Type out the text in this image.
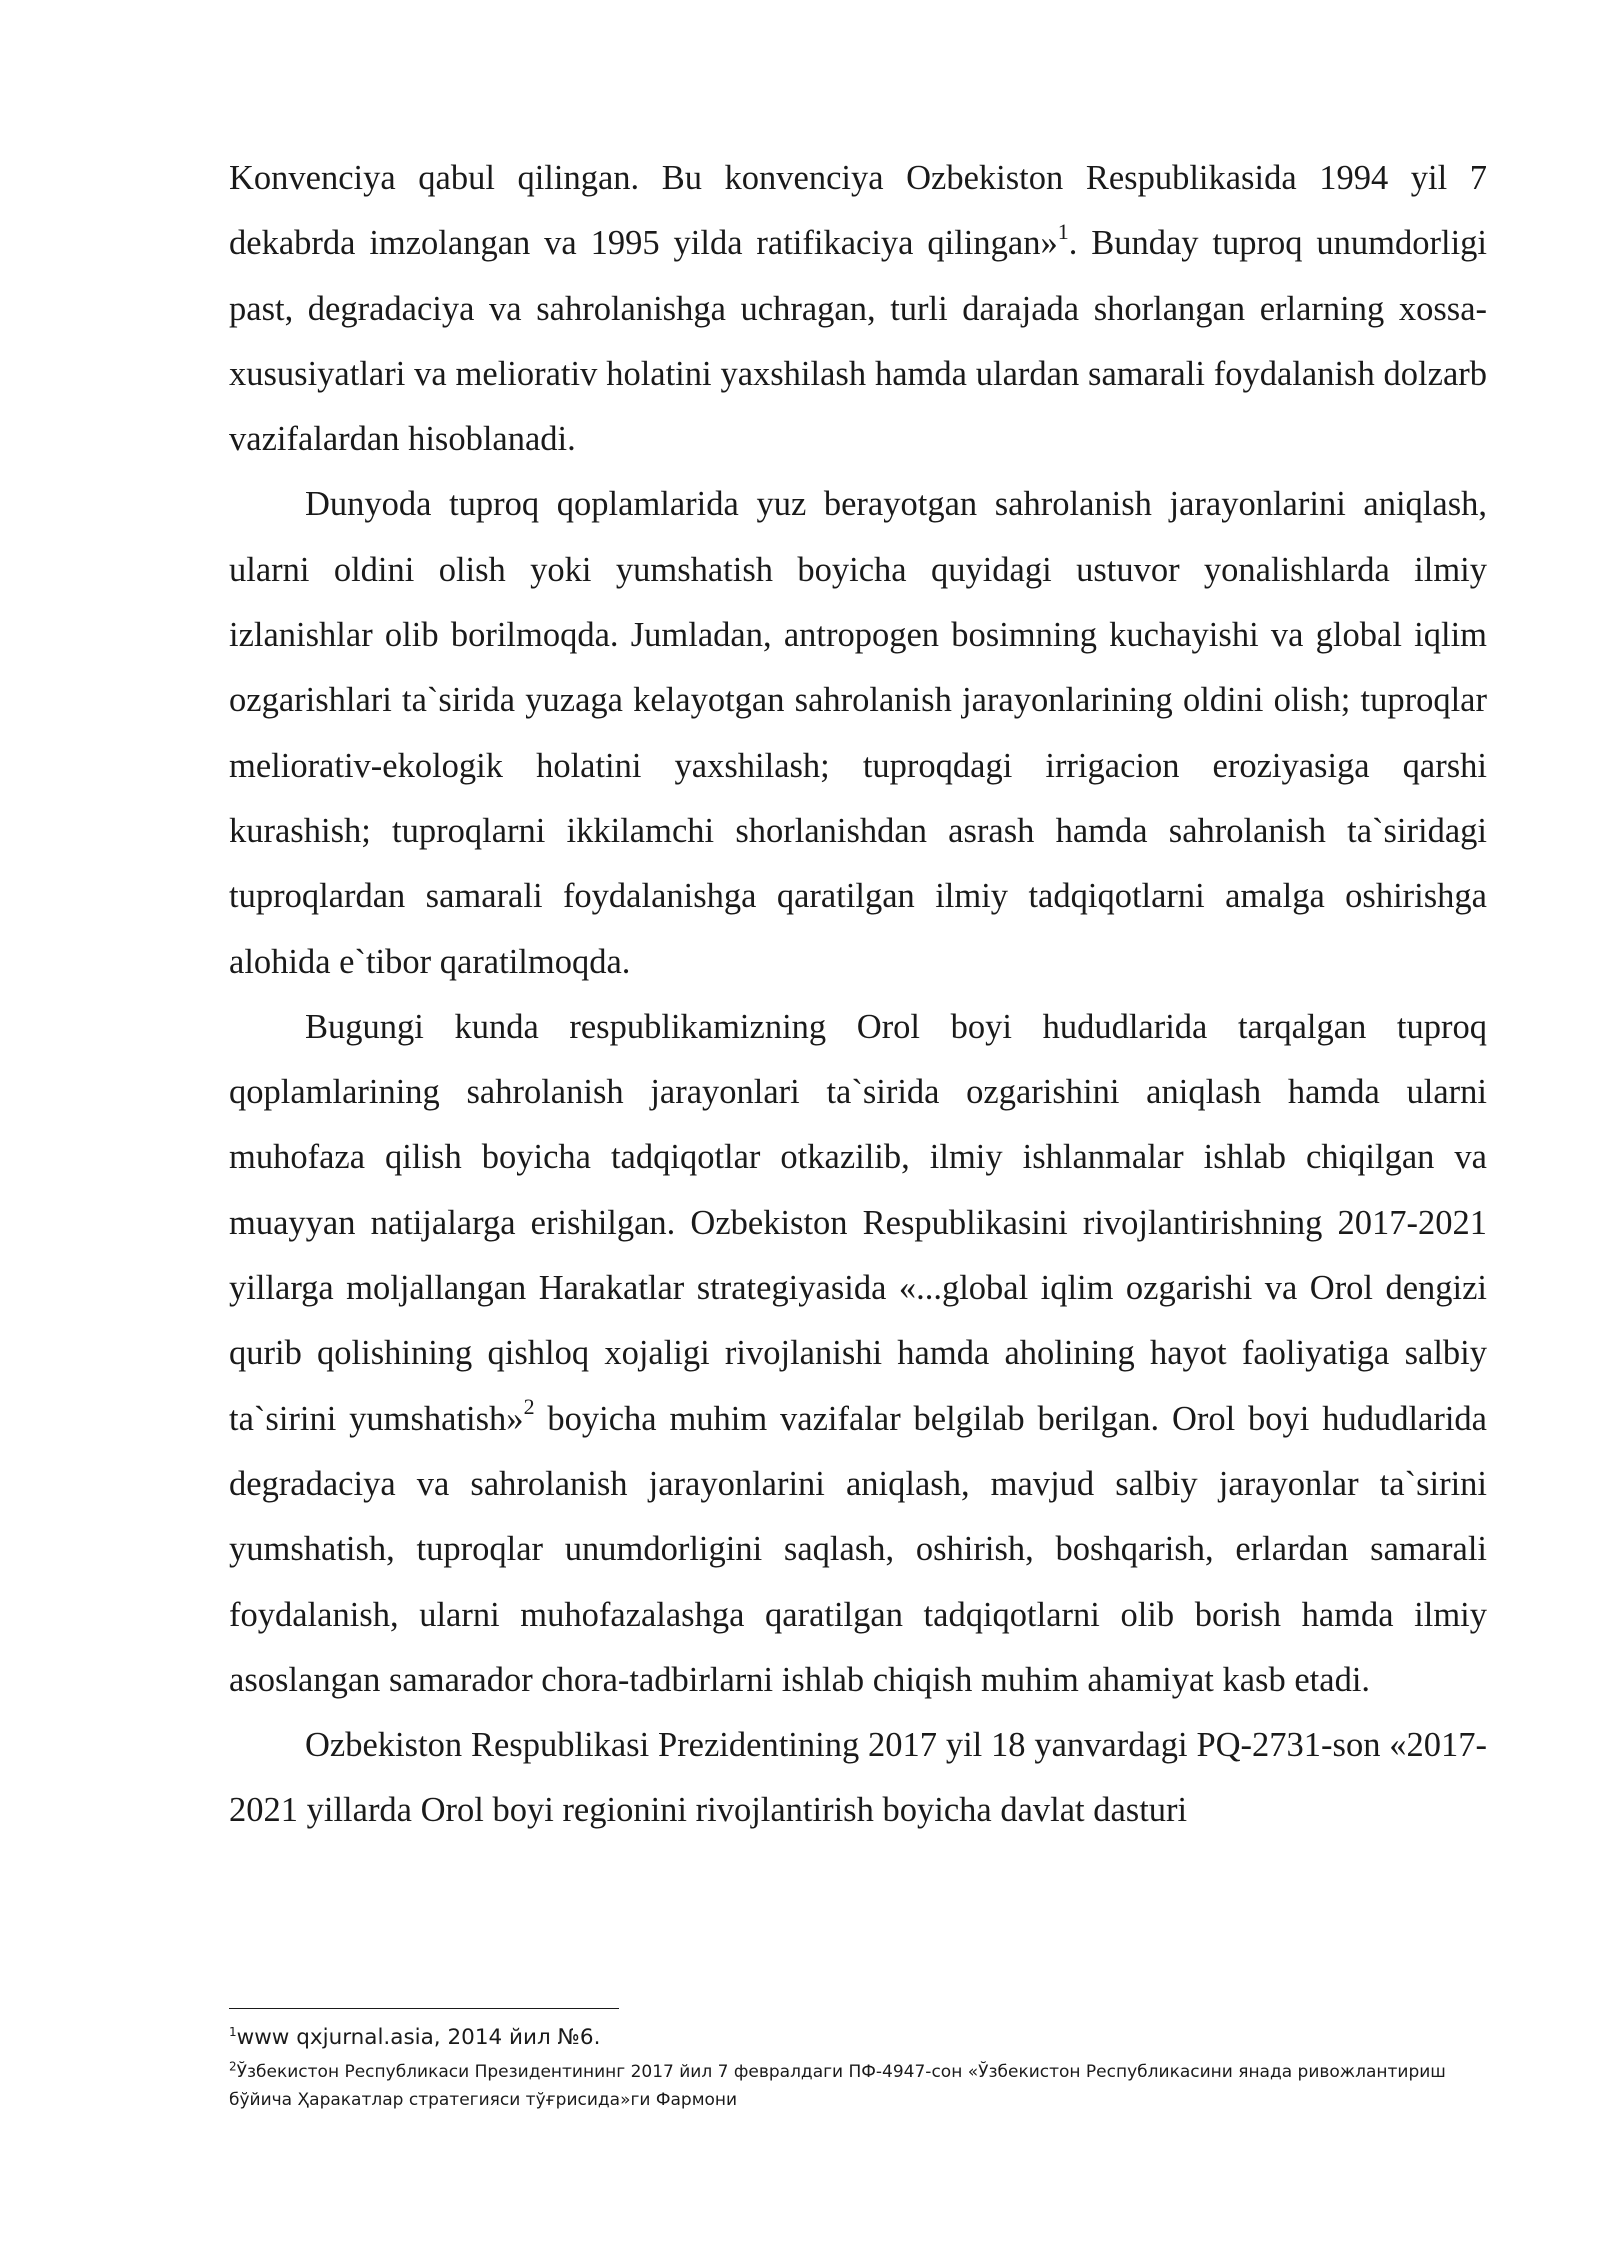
Konvenciya qabul qilingan. Bu konvenciya Ozbekiston Respublikasida 1994 yil 7 dekabrda imzolangan va 1995 yilda ratifikaciya qilingan»$^1$. Bunday tuproq unumdorligi past, degradaciya va sahrolanishga uchragan, turli darajada shorlangan erlarning xossa-xususiyatlari va meliorativ holatini yaxshilash hamda ulardan samarali foydalanish dolzarb vazifalardan hisoblanadi.

Dunyoda tuproq qoplamlarida yuz berayotgan sahrolanish jarayonlarini aniqlash, ularni oldini olish yoki yumshatish boyicha quyidagi ustuvor yonalishlarda ilmiy izlanishlar olib borilmoqda. Jumladan, antropogen bosimning kuchayishi va global iqlim ozgarishlari ta`sirida yuzaga kelayotgan sahrolanish jarayonlarining oldini olish; tuproqlar meliorativ-ekologik holatini yaxshilash; tuproqdagi irrigacion eroziyasiga qarshi kurashish; tuproqlarni ikkilamchi shorlanishdan asrash hamda sahrolanish ta`siridagi tuproqlardan samarali foydalanishga qaratilgan ilmiy tadqiqotlarni amalga oshirishga alohida e`tibor qaratilmoqda.

Bugungi kunda respublikamizning Orol boyi hududlarida tarqalgan tuproq qoplamlarining sahrolanish jarayonlari ta`sirida ozgarishini aniqlash hamda ularni muhofaza qilish boyicha tadqiqotlar otkazilib, ilmiy ishlanmalar ishlab chiqilgan va muayyan natijalarga erishilgan. Ozbekiston Respublikasini rivojlantirishning 2017-2021 yillarga moljallangan Harakatlar strategiyasida «...global iqlim ozgarishi va Orol dengizi qurib qolishining qishloq xojaligi rivojlanishi hamda aholining hayot faoliyatiga salbiy ta`sirini yumshatish»$^2$ boyicha muhim vazifalar belgilab berilgan. Orol boyi hududlarida degradaciya va sahrolanish jarayonlarini aniqlash, mavjud salbiy jarayonlar ta`sirini yumshatish, tuproqlar unumdorligini saqlash, oshirish, boshqarish, erlardan samarali foydalanish, ularni muhofazalashga qaratilgan tadqiqotlarni olib borish hamda ilmiy asoslangan samarador chora-tadbirlarni ishlab chiqish muhim ahamiyat kasb etadi.

Ozbekiston Respublikasi Prezidentining 2017 yil 18 yanvardagi PQ-2731-son «2017-2021 yillarda Orol boyi regionini rivojlantirish boyicha davlat dasturi

$^1$www qxjurnal.asia, 2014 йил №6.

$^2$Ўзбекистон Республикаси Президентининг 2017 йил 7 февралдаги ПФ-4947-сон «Ўзбекистон Республикасини янада ривожлантириш бўйича Ҳаракатлар стратегияси тўғрисида»ги Фармони
